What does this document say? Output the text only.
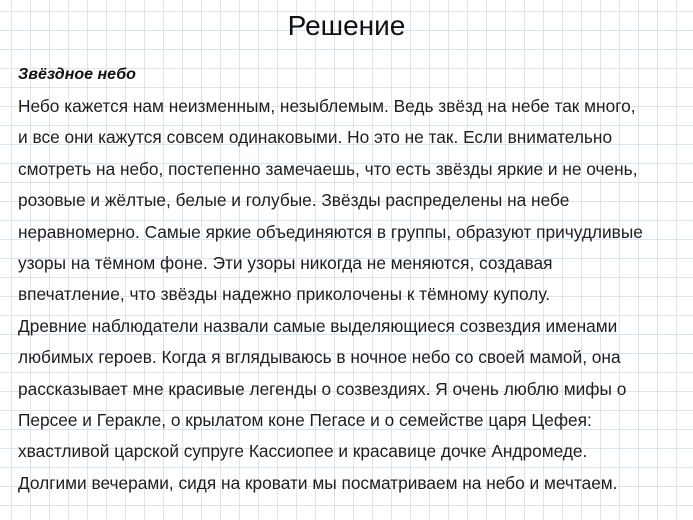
Решение

Звёздное небо

Небо кажется нам неизменным, незыблемым. Ведь звёзд на небе так много,
и все они кажутся совсем одинаковыми. Но это не так. Если внимательно
смотреть на небо, постепенно замечаешь, что есть звёзды яркие и не очень,
розовые и жёлтые, белые и голубые. Звёзды распределены на небе
неравномерно. Самые яркие объединяются в группы, образуют причудливые
узоры на тёмном фоне. Эти узоры никогда не меняются, создавая
впечатление, что звёзды надежно приколочены к тёмному куполу.
Древние наблюдатели назвали самые выделяющиеся созвездия именами
любимых героев. Когда я вглядываюсь в ночное небо со своей мамой, она
рассказывает мне красивые легенды о созвездиях. Я очень люблю мифы о
Персее и Геракле, о крылатом коне Пегасе и о семействе царя Цефея:
хвастливой царской супруге Кассиопее и красавице дочке Андромеде.
Долгими вечерами, сидя на кровати мы посматриваем на небо и мечтаем.
